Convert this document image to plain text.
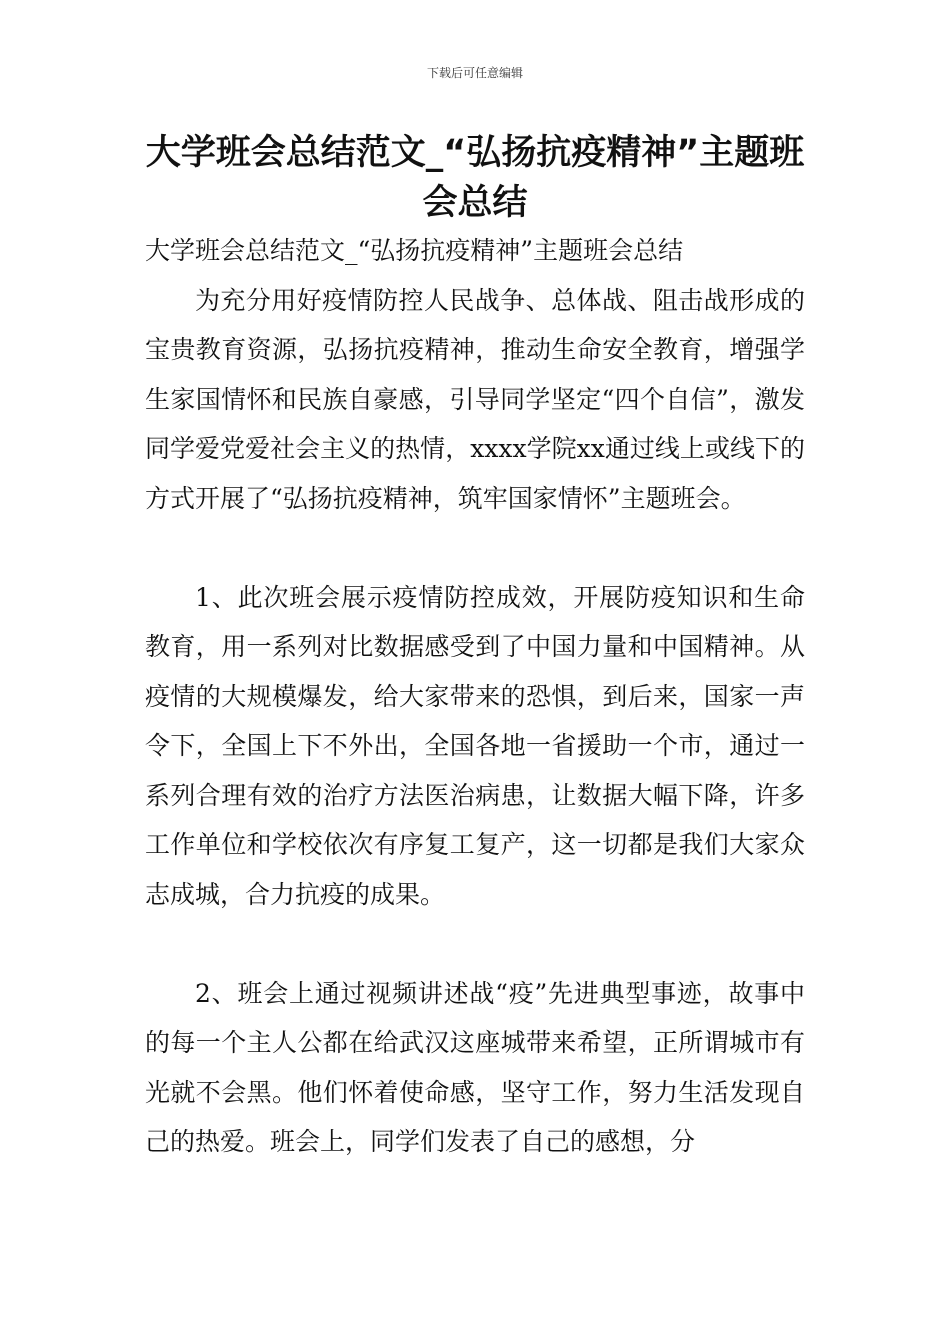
下载后可任意编辑
大学班会总结范文_“弘扬抗疫精神”主题班会总结

大学班会总结范文_“弘扬抗疫精神”主题班会总结

为充分用好疫情防控人民战争、总体战、阻击战形成的宝贵教育资源，弘扬抗疫精神，推动生命安全教育，增强学生家国情怀和民族自豪感，引导同学坚定“四个自信”，激发同学爱党爱社会主义的热情，xxxx学院xx通过线上或线下的方式开展了“弘扬抗疫精神，筑牢国家情怀”主题班会。

1、此次班会展示疫情防控成效，开展防疫知识和生命教育，用一系列对比数据感受到了中国力量和中国精神。从疫情的大规模爆发，给大家带来的恐惧，到后来，国家一声令下，全国上下不外出，全国各地一省援助一个市，通过一系列合理有效的治疗方法医治病患，让数据大幅下降，许多工作单位和学校依次有序复工复产，这一切都是我们大家众志成城，合力抗疫的成果。

2、班会上通过视频讲述战“疫”先进典型事迹，故事中的每一个主人公都在给武汉这座城带来希望，正所谓城市有光就不会黑。他们怀着使命感，坚守工作，努力生活发现自己的热爱。班会上，同学们发表了自己的感想，分
